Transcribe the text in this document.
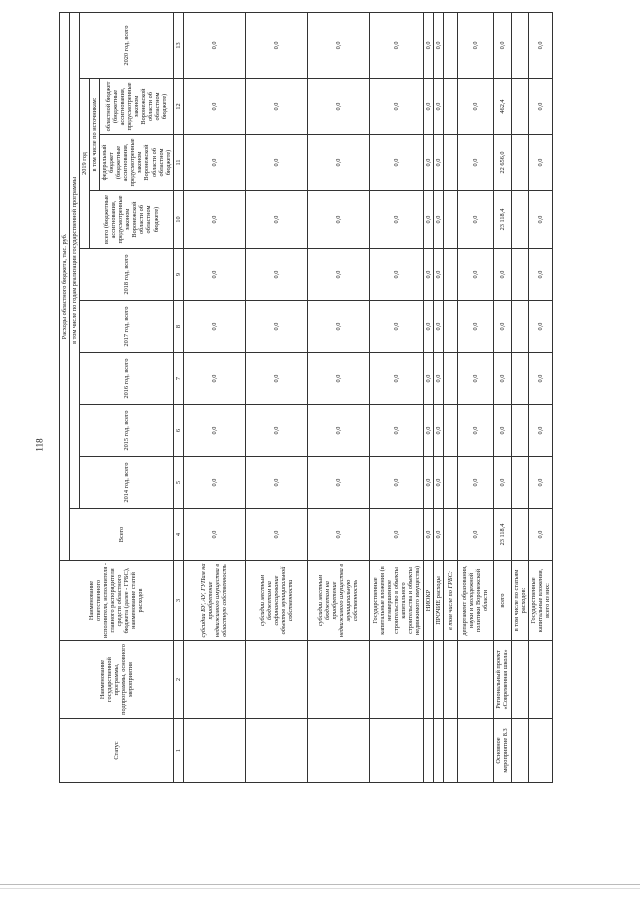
118
Статус	Наименование государственной программы, подпрограммы, основного мероприятия	Наименование ответственного исполнителя, исполнителя - главного распорядителя средств областного бюджета (далее - ГРБС), наименование статей расходов	Расходы областного бюджета, тыс. руб.									
			Всего	в том числе по годам реализации государственной программы								
				2014 год, всего	2015 год, всего	2016 год, всего	2017 год, всего	2018 год, всего	2019 год			2020 год, всего
									всего (бюджетные ассигнования, предусмотренные законом Воронежской области об областном бюджете)	в том числе по источникам:		
										федеральный бюджет (бюджетные ассигнования, предусмотренные законом Воронежской области об областном бюджете)	областной бюджет (бюджетные ассигнования, предусмотренные законом Воронежской области об областном бюджете)	
1	2	3	4	5	6	7	8	9	10	11	12	13
		субсидии БУ, АУ, ГУПам на приобретение недвижимого имущества в областную собственность	0,0	0,0	0,0	0,0	0,0	0,0	0,0	0,0	0,0	0,0
		субсидии местным бюджетам на софинансирование объектов муниципальной собственности	0,0	0,0	0,0	0,0	0,0	0,0	0,0	0,0	0,0	0,0
		субсидии местным бюджетам на приобретение недвижимого имущества в муниципальную собственность	0,0	0,0	0,0	0,0	0,0	0,0	0,0	0,0	0,0	0,0
		Государственные капитальные вложения (в незавершенное строительство в объекты капитального строительства и объекты недвижимого имущества)	0,0	0,0	0,0	0,0	0,0	0,0	0,0	0,0	0,0	0,0
		НИОКР	0,0	0,0	0,0	0,0	0,0	0,0	0,0	0,0	0,0	0,0
		ПРОЧИЕ расходы	0,0	0,0	0,0	0,0	0,0	0,0	0,0	0,0	0,0	0,0
		в том числе по ГРБС:										
		департамент образования, науки и молодежной политики Воронежской области	0,0	0,0	0,0	0,0	0,0	0,0	0,0	0,0	0,0	0,0
Основное мероприятие 8.3	Региональный проект «Современная школа»	всего	23 118,4	0,0	0,0	0,0	0,0	0,0	23 118,4	22 656,0	462,4	0,0
		в том числе по статьям расходов:										
		Государственные капитальные вложения, всего из них:	0,0	0,0	0,0	0,0	0,0	0,0	0,0	0,0	0,0	0,0
